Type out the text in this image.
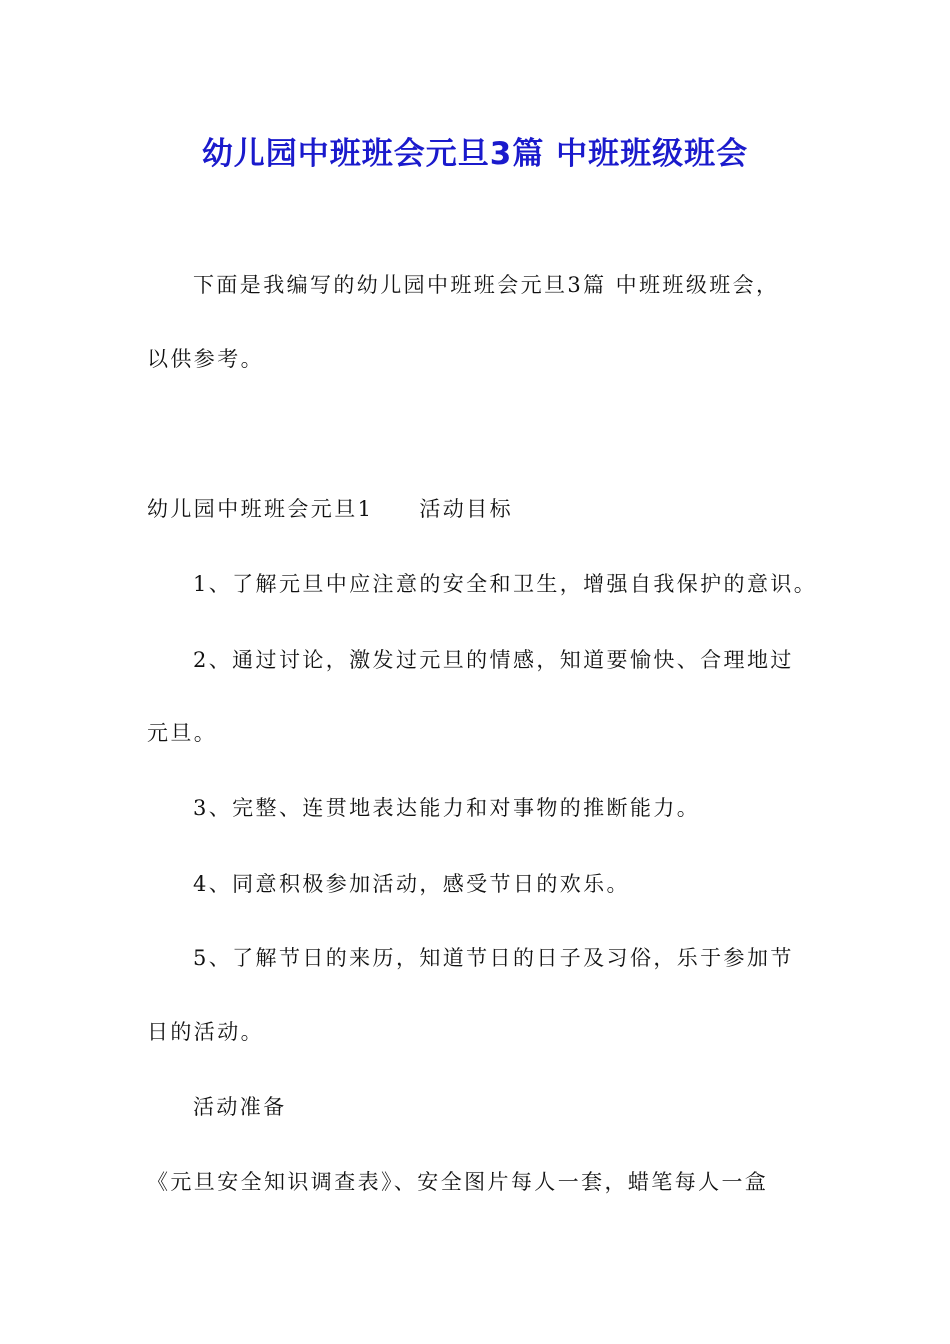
幼儿园中班班会元旦3篇 中班班级班会
下面是我编写的幼儿园中班班会元旦3篇 中班班级班会，
以供参考。
幼儿园中班班会元旦1 活动目标
1、了解元旦中应注意的安全和卫生，增强自我保护的意识。
2、通过讨论，激发过元旦的情感，知道要愉快、合理地过
元旦。
3、完整、连贯地表达能力和对事物的推断能力。
4、同意积极参加活动，感受节日的欢乐。
5、了解节日的来历，知道节日的日子及习俗，乐于参加节
日的活动。
活动准备
《元旦安全知识调查表》、安全图片每人一套，蜡笔每人一盒
